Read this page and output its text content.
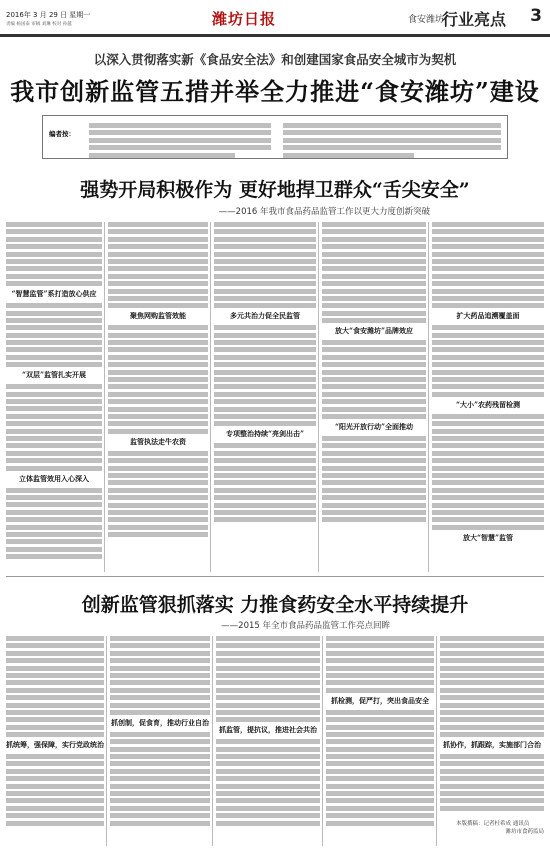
2016年 3 月 29 日 星期一
责编 杨国泰 审稿 刘琳 校对 孙越	潍坊日报	行业亮点 3
食安潍坊
以深入贯彻落实新《食品安全法》和创建国家食品安全城市为契机
我市创新监管五措并举全力推进“食安潍坊”建设
编者按：
强势开局积极作为 更好地捍卫群众“舌尖安全”
——2016 年我市食品药品监管工作以更大力度创新突破
“智慧监管”系打造放心供应
“双层”监管扎实开展
立体监管效用入心深入
聚焦网购监管效能
监管执法走牛农资
多元共治力促全民监管
专项整治持续“亮剑出击”
放大“食安潍坊”品牌效应
“阳光开放行动”全面推动
扩大药品追溯覆盖面
“大小”农药残留检测
放大“智慧”监管
创新监管狠抓落实 力推食药安全水平持续提升
——2015 年全市食品药品监管工作亮点回眸
抓统筹，强保障，实行党政统治
抓创制，促食育，推动行业自治
抓监管，提抗议，推进社会共治
抓检测，促严打，突出食品安全
抓协作，抓跟踪，实施部门合治
本版撰稿：记者杜希成 通讯员
潍坊市食药监局
